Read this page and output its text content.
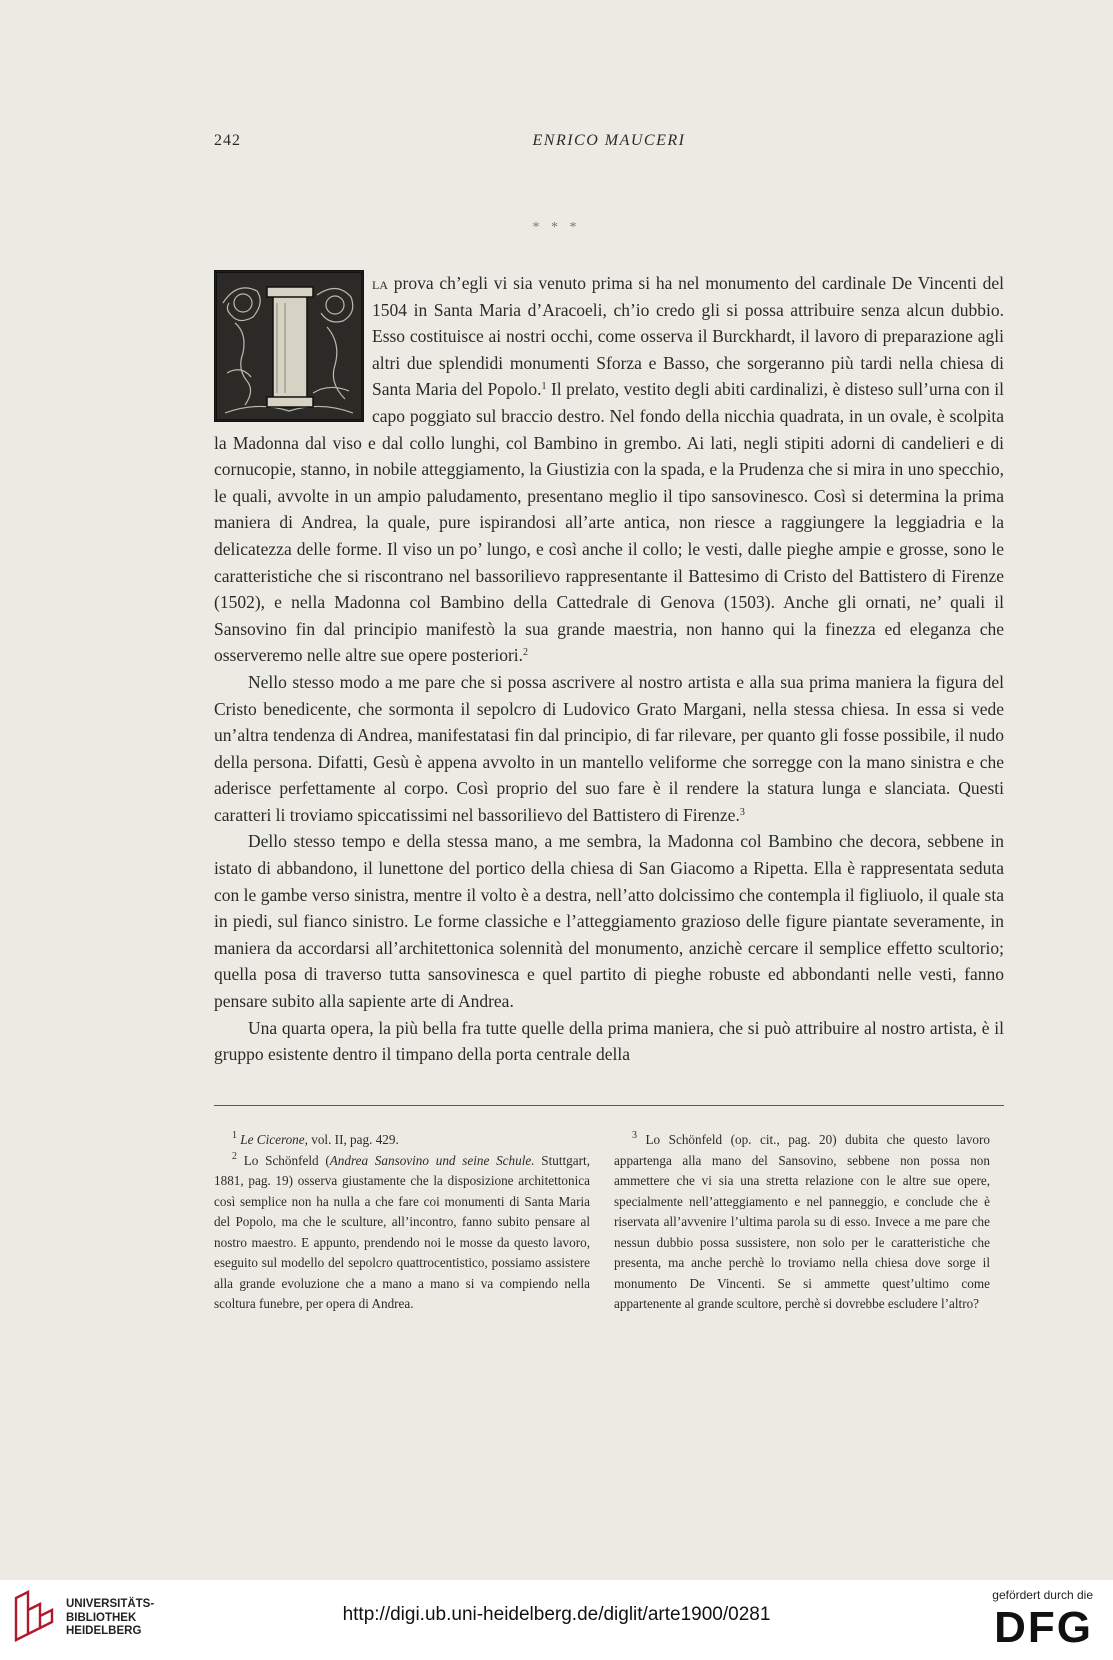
242	ENRICO MAUCERI
* * *

la prova ch’egli vi sia venuto prima si ha nel monumento del cardinale De Vincenti del 1504 in Santa Maria d’Aracoeli, ch’io credo gli si possa attribuire senza alcun dubbio. Esso costituisce ai nostri occhi, come osserva il Burckhardt, il lavoro di preparazione agli altri due splendidi monumenti Sforza e Basso, che sorgeranno più tardi nella chiesa di Santa Maria del Popolo.$^1$ Il prelato, vestito degli abiti cardinalizi, è disteso sull’urna con il capo poggiato sul braccio destro. Nel fondo della nicchia quadrata, in un ovale, è scolpita la Madonna dal viso e dal collo lunghi, col Bambino in grembo. Ai lati, negli stipiti adorni di candelieri e di cornucopie, stanno, in nobile atteggiamento, la Giustizia con la spada, e la Prudenza che si mira in uno specchio, le quali, avvolte in un ampio paludamento, presentano meglio il tipo sansovinesco. Così si determina la prima maniera di Andrea, la quale, pure ispirandosi all’arte antica, non riesce a raggiungere la leggiadria e la delicatezza delle forme. Il viso un po’ lungo, e così anche il collo; le vesti, dalle pieghe ampie e grosse, sono le caratteristiche che si riscontrano nel bassorilievo rappresentante il Battesimo di Cristo del Battistero di Firenze (1502), e nella Madonna col Bambino della Cattedrale di Genova (1503). Anche gli ornati, ne’ quali il Sansovino fin dal principio manifestò la sua grande maestria, non hanno qui la finezza ed eleganza che osserveremo nelle altre sue opere posteriori.$^2$

Nello stesso modo a me pare che si possa ascrivere al nostro artista e alla sua prima maniera la figura del Cristo benedicente, che sormonta il sepolcro di Ludovico Grato Margani, nella stessa chiesa. In essa si vede un’altra tendenza di Andrea, manifestatasi fin dal principio, di far rilevare, per quanto gli fosse possibile, il nudo della persona. Difatti, Gesù è appena avvolto in un mantello veliforme che sorregge con la mano sinistra e che aderisce perfettamente al corpo. Così proprio del suo fare è il rendere la statura lunga e slanciata. Questi caratteri li troviamo spiccatissimi nel bassorilievo del Battistero di Firenze.$^3$

Dello stesso tempo e della stessa mano, a me sembra, la Madonna col Bambino che decora, sebbene in istato di abbandono, il lunettone del portico della chiesa di San Giacomo a Ripetta. Ella è rappresentata seduta con le gambe verso sinistra, mentre il volto è a destra, nell’atto dolcissimo che contempla il figliuolo, il quale sta in piedi, sul fianco sinistro. Le forme classiche e l’atteggiamento grazioso delle figure piantate severamente, in maniera da accordarsi all’architettonica solennità del monumento, anzichè cercare il semplice effetto scultorio; quella posa di traverso tutta sansovinesca e quel partito di pieghe robuste ed abbondanti nelle vesti, fanno pensare subito alla sapiente arte di Andrea.

Una quarta opera, la più bella fra tutte quelle della prima maniera, che si può attribuire al nostro artista, è il gruppo esistente dentro il timpano della porta centrale della

$^1$ Le Cicerone, vol. II, pag. 429.

$^2$ Lo Schönfeld (Andrea Sansovino und seine Schule. Stuttgart, 1881, pag. 19) osserva giustamente che la disposizione architettonica così semplice non ha nulla a che fare coi monumenti di Santa Maria del Popolo, ma che le sculture, all’incontro, fanno subito pensare al nostro maestro. E appunto, prendendo noi le mosse da questo lavoro, eseguito sul modello del sepolcro quattrocentistico, possiamo assistere alla grande evoluzione che a mano a mano si va compiendo nella scoltura funebre, per opera di Andrea.

$^3$ Lo Schönfeld (op. cit., pag. 20) dubita che questo lavoro appartenga alla mano del Sansovino, sebbene non possa non ammettere che vi sia una stretta relazione con le altre sue opere, specialmente nell’atteggiamento e nel panneggio, e conclude che è riservata all’avvenire l’ultima parola su di esso. Invece a me pare che nessun dubbio possa sussistere, non solo per le caratteristiche che presenta, ma anche perchè lo troviamo nella chiesa dove sorge il monumento De Vincenti. Se si ammette quest’ultimo come appartenente al grande scultore, perchè si dovrebbe escludere l’altro?

UNIVERSITÄTS-
BIBLIOTHEK
HEIDELBERG
http://digi.ub.uni-heidelberg.de/diglit/arte1900/0281
gefördert durch die
DFG
